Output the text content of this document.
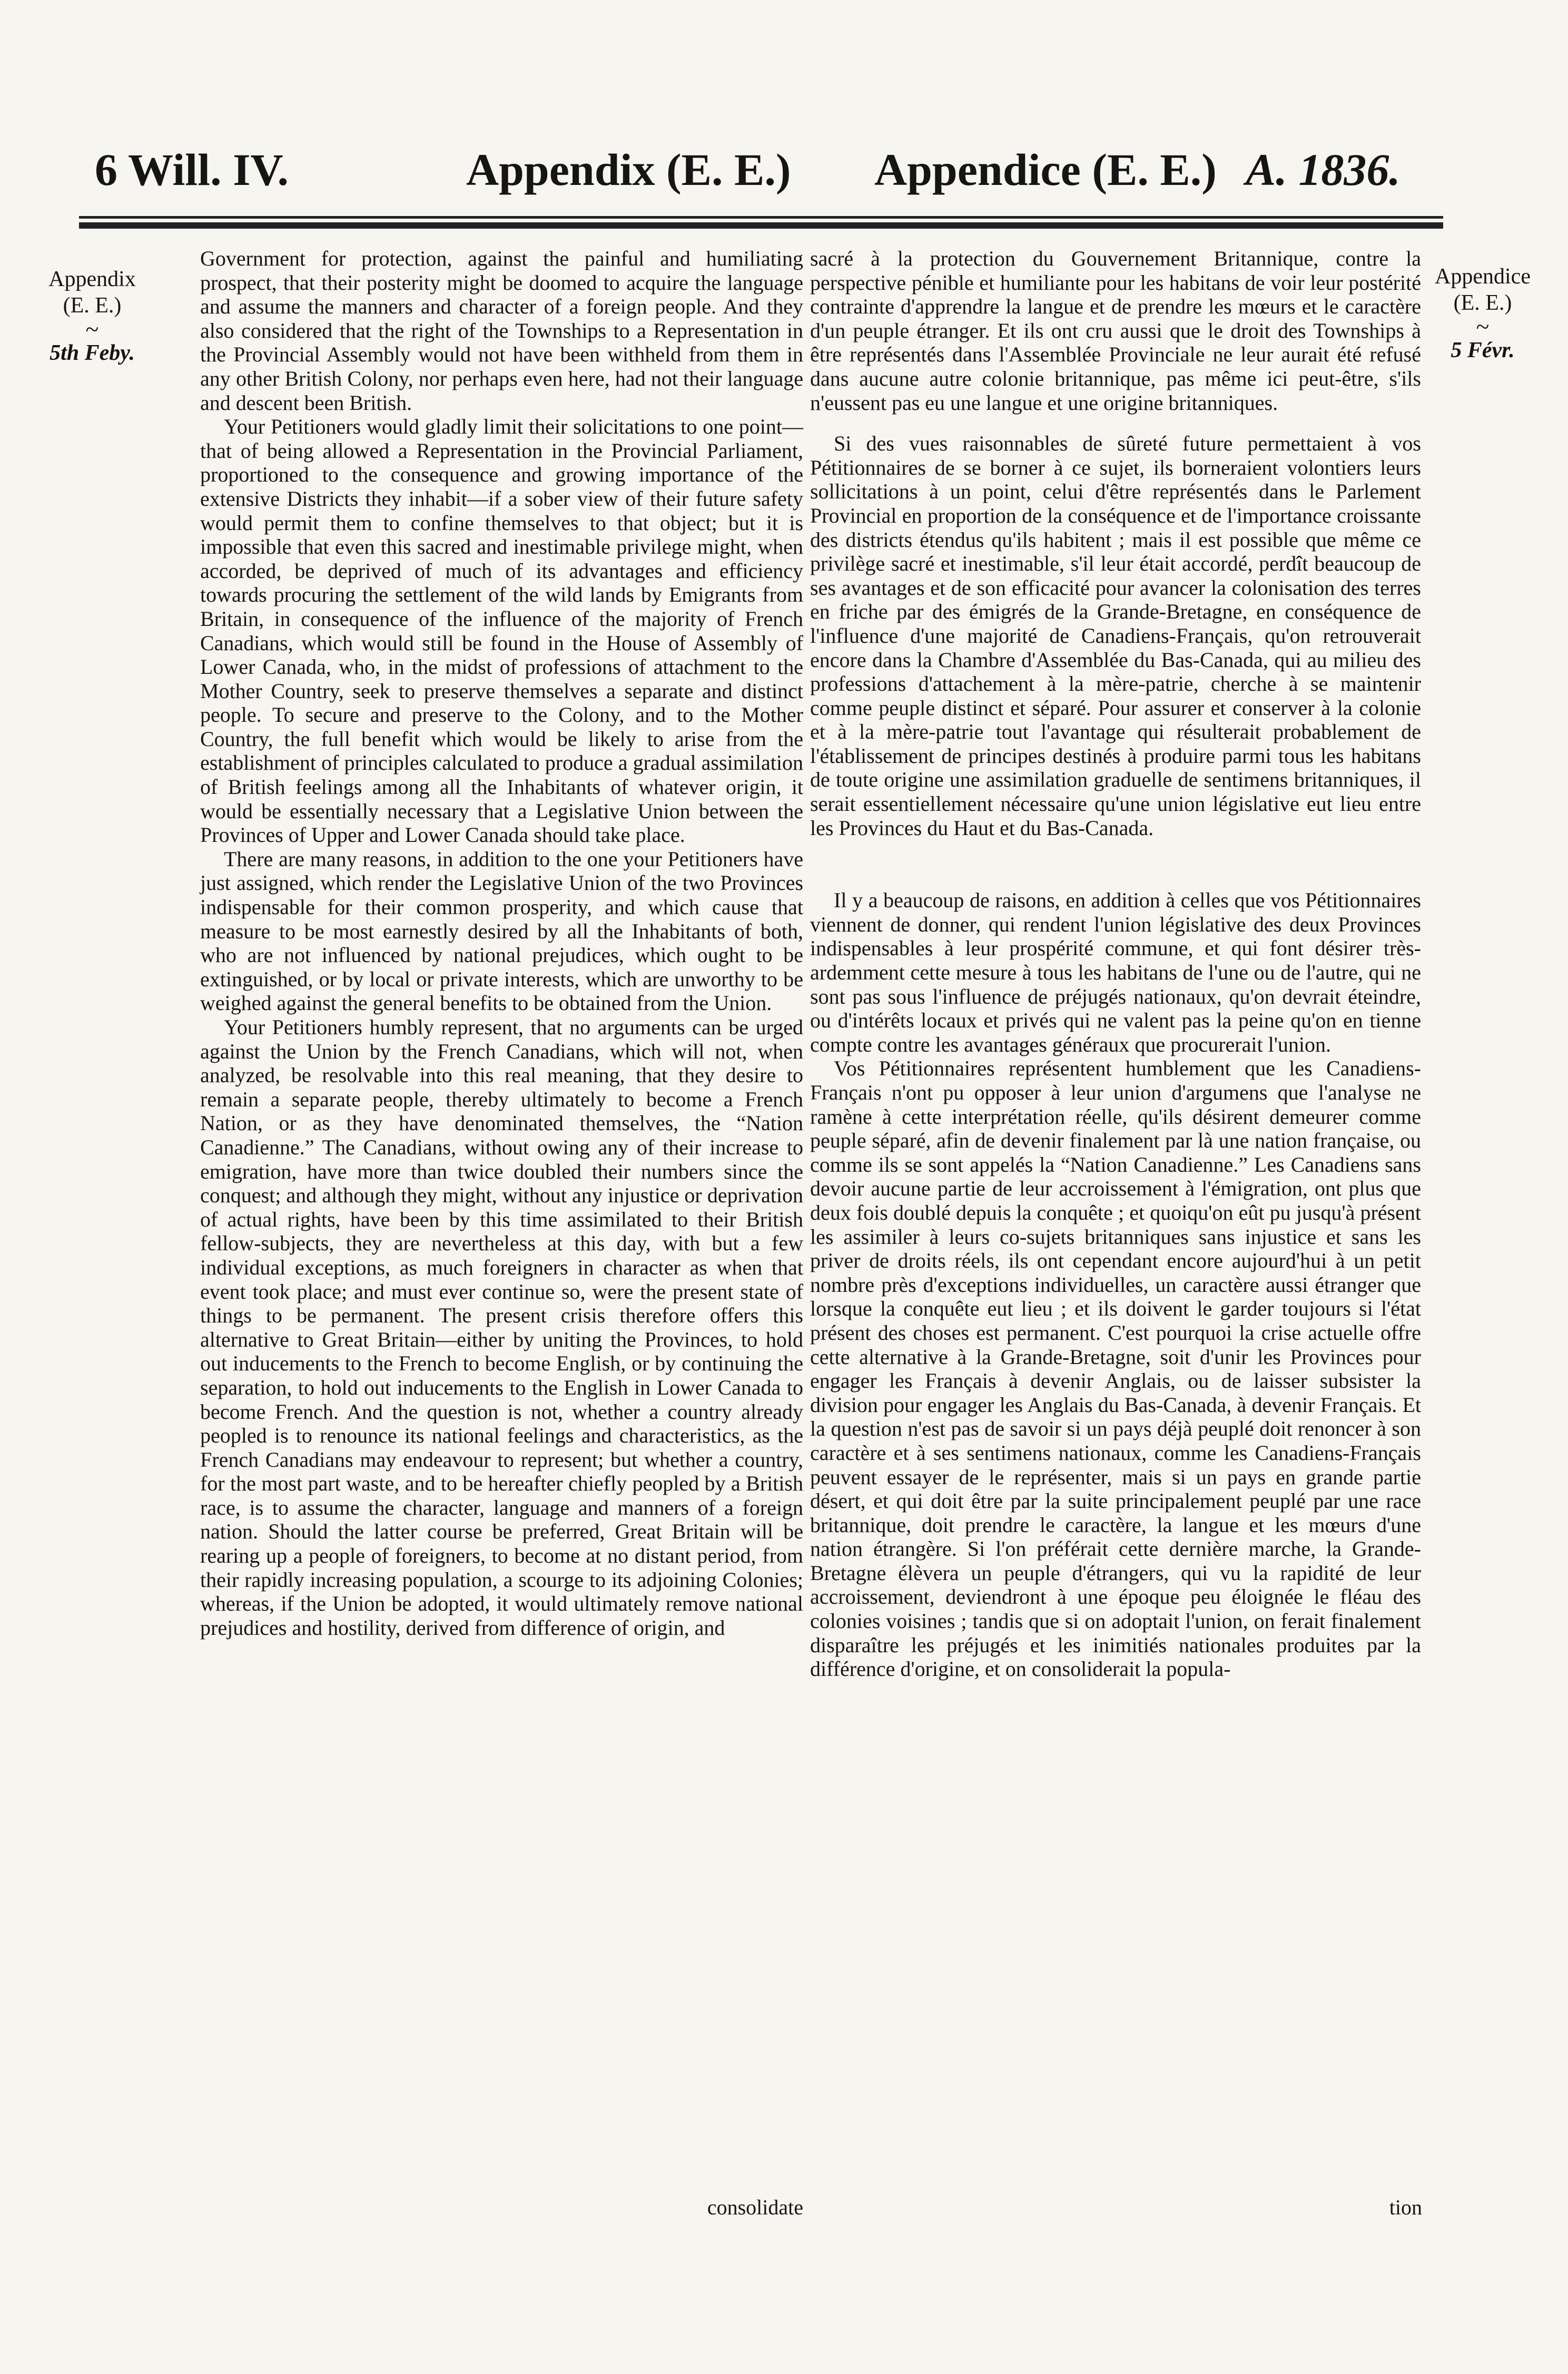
6 Will. IV.	Appendix (E. E.) Appendice (E. E.) A. 1836.
Appendix
(E. E.)
~
5th Feby.
Appendice
(E. E.)
~
5 Févr.

Government for protection, against the painful and humiliating prospect, that their posterity might be doomed to acquire the language and assume the manners and character of a foreign people. And they also considered that the right of the Townships to a Representation in the Provincial Assembly would not have been withheld from them in any other British Colony, nor perhaps even here, had not their language and descent been British.

Your Petitioners would gladly limit their solicitations to one point—that of being allowed a Representation in the Provincial Parliament, proportioned to the consequence and growing importance of the extensive Districts they inhabit—if a sober view of their future safety would permit them to confine themselves to that object; but it is impossible that even this sacred and inestimable privilege might, when accorded, be deprived of much of its advantages and efficiency towards procuring the settlement of the wild lands by Emigrants from Britain, in consequence of the influence of the majority of French Canadians, which would still be found in the House of Assembly of Lower Canada, who, in the midst of professions of attachment to the Mother Country, seek to preserve themselves a separate and distinct people. To secure and preserve to the Colony, and to the Mother Country, the full benefit which would be likely to arise from the establishment of principles calculated to produce a gradual assimilation of British feelings among all the Inhabitants of whatever origin, it would be essentially necessary that a Legislative Union between the Provinces of Upper and Lower Canada should take place.

There are many reasons, in addition to the one your Petitioners have just assigned, which render the Legislative Union of the two Provinces indispensable for their common prosperity, and which cause that measure to be most earnestly desired by all the Inhabitants of both, who are not influenced by national prejudices, which ought to be extinguished, or by local or private interests, which are unworthy to be weighed against the general benefits to be obtained from the Union.

Your Petitioners humbly represent, that no arguments can be urged against the Union by the French Canadians, which will not, when analyzed, be resolvable into this real meaning, that they desire to remain a separate people, thereby ultimately to become a French Nation, or as they have denominated themselves, the “Nation Canadienne.” The Canadians, without owing any of their increase to emigration, have more than twice doubled their numbers since the conquest; and although they might, without any injustice or deprivation of actual rights, have been by this time assimilated to their British fellow-subjects, they are nevertheless at this day, with but a few individual exceptions, as much foreigners in character as when that event took place; and must ever continue so, were the present state of things to be permanent. The present crisis therefore offers this alternative to Great Britain—either by uniting the Provinces, to hold out inducements to the French to become English, or by continuing the separation, to hold out inducements to the English in Lower Canada to become French. And the question is not, whether a country already peopled is to renounce its national feelings and characteristics, as the French Canadians may endeavour to represent; but whether a country, for the most part waste, and to be hereafter chiefly peopled by a British race, is to assume the character, language and manners of a foreign nation. Should the latter course be preferred, Great Britain will be rearing up a people of foreigners, to become at no distant period, from their rapidly increasing population, a scourge to its adjoining Colonies; whereas, if the Union be adopted, it would ultimately remove national prejudices and hostility, derived from difference of origin, and

consolidate

sacré à la protection du Gouvernement Britannique, contre la perspective pénible et humiliante pour les habitans de voir leur postérité contrainte d'apprendre la langue et de prendre les mœurs et le caractère d'un peuple étranger. Et ils ont cru aussi que le droit des Townships à être représentés dans l'Assemblée Provinciale ne leur aurait été refusé dans aucune autre colonie britannique, pas même ici peut-être, s'ils n'eussent pas eu une langue et une origine britanniques.

Si des vues raisonnables de sûreté future permettaient à vos Pétitionnaires de se borner à ce sujet, ils borneraient volontiers leurs sollicitations à un point, celui d'être représentés dans le Parlement Provincial en proportion de la conséquence et de l'importance croissante des districts étendus qu'ils habitent ; mais il est possible que même ce privilège sacré et inestimable, s'il leur était accordé, perdît beaucoup de ses avantages et de son efficacité pour avancer la colonisation des terres en friche par des émigrés de la Grande-Bretagne, en conséquence de l'influence d'une majorité de Canadiens-Français, qu'on retrouverait encore dans la Chambre d'Assemblée du Bas-Canada, qui au milieu des professions d'attachement à la mère-patrie, cherche à se maintenir comme peuple distinct et séparé. Pour assurer et conserver à la colonie et à la mère-patrie tout l'avantage qui résulterait probablement de l'établissement de principes destinés à produire parmi tous les habitans de toute origine une assimilation graduelle de sentimens britanniques, il serait essentiellement nécessaire qu'une union législative eut lieu entre les Provinces du Haut et du Bas-Canada.

Il y a beaucoup de raisons, en addition à celles que vos Pétitionnaires viennent de donner, qui rendent l'union législative des deux Provinces indispensables à leur prospérité commune, et qui font désirer très-ardemment cette mesure à tous les habitans de l'une ou de l'autre, qui ne sont pas sous l'influence de préjugés nationaux, qu'on devrait éteindre, ou d'intérêts locaux et privés qui ne valent pas la peine qu'on en tienne compte contre les avantages généraux que procurerait l'union.

Vos Pétitionnaires représentent humblement que les Canadiens-Français n'ont pu opposer à leur union d'argumens que l'analyse ne ramène à cette interprétation réelle, qu'ils désirent demeurer comme peuple séparé, afin de devenir finalement par là une nation française, ou comme ils se sont appelés la “Nation Canadienne.” Les Canadiens sans devoir aucune partie de leur accroissement à l'émigration, ont plus que deux fois doublé depuis la conquête ; et quoiqu'on eût pu jusqu'à présent les assimiler à leurs co-sujets britanniques sans injustice et sans les priver de droits réels, ils ont cependant encore aujourd'hui à un petit nombre près d'exceptions individuelles, un caractère aussi étranger que lorsque la conquête eut lieu ; et ils doivent le garder toujours si l'état présent des choses est permanent. C'est pourquoi la crise actuelle offre cette alternative à la Grande-Bretagne, soit d'unir les Provinces pour engager les Français à devenir Anglais, ou de laisser subsister la division pour engager les Anglais du Bas-Canada, à devenir Français. Et la question n'est pas de savoir si un pays déjà peuplé doit renoncer à son caractère et à ses sentimens nationaux, comme les Canadiens-Français peuvent essayer de le représenter, mais si un pays en grande partie désert, et qui doit être par la suite principalement peuplé par une race britannique, doit prendre le caractère, la langue et les mœurs d'une nation étrangère. Si l'on préférait cette dernière marche, la Grande-Bretagne élèvera un peuple d'étrangers, qui vu la rapidité de leur accroissement, deviendront à une époque peu éloignée le fléau des colonies voisines ; tandis que si on adoptait l'union, on ferait finalement disparaître les préjugés et les inimitiés nationales produites par la différence d'origine, et on consoliderait la popula-

tion
